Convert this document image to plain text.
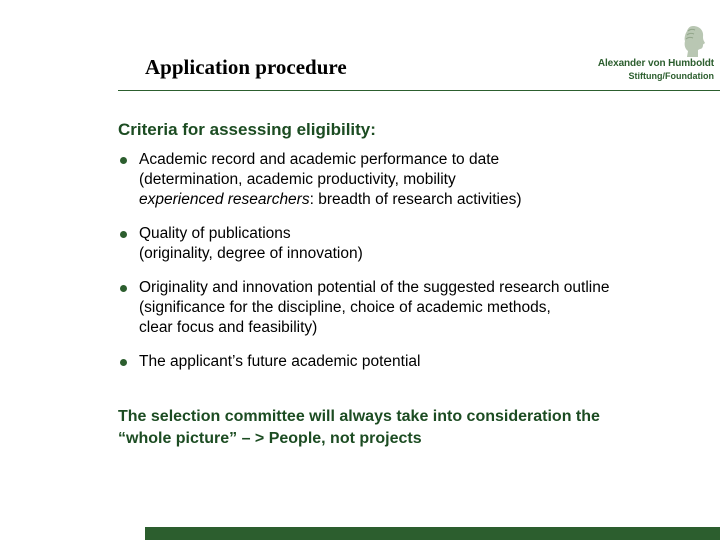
Application procedure	Alexander von Humboldt
Stiftung/Foundation
Criteria for assessing eligibility:
Academic record and academic performance to date
(determination, academic productivity, mobility
experienced researchers: breadth of research activities)
Quality of publications
(originality, degree of innovation)
Originality and innovation potential of the suggested research outline
(significance for the discipline, choice of academic methods,
clear focus and feasibility)
The applicant’s future academic potential
The selection committee will always take into consideration the
“whole picture” – > People, not projects
